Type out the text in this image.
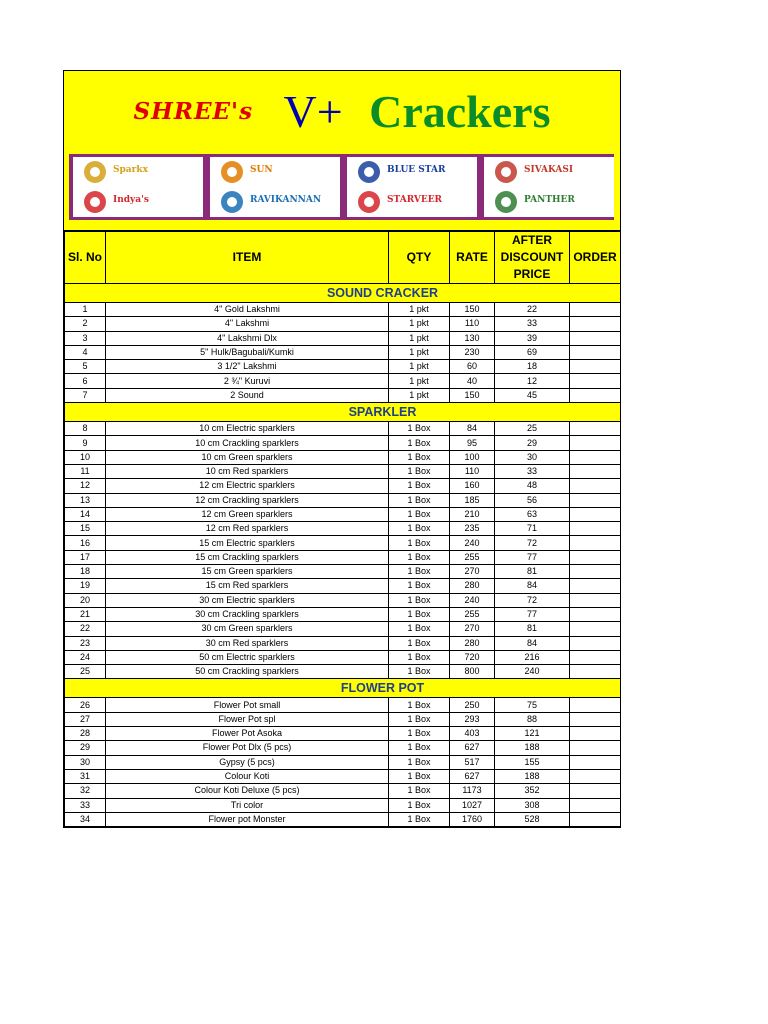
SHREE's V+ Crackers
Sparkx	SUN	BLUE STAR	SIVAKASI
Indya's	RAVIKANNAN	STARVEER	PANTHER
Sl. No	ITEM	QTY	RATE	AFTER DISCOUNT PRICE	ORDER
SOUND CRACKER					
1	4" Gold Lakshmi	1 pkt	150	22	
2	4" Lakshmi	1 pkt	110	33	
3	4" Lakshmi Dlx	1 pkt	130	39	
4	5" Hulk/Bagubali/Kumki	1 pkt	230	69	
5	3 1/2" Lakshmi	1 pkt	60	18	
6	2 ¾" Kuruvi	1 pkt	40	12	
7	2 Sound	1 pkt	150	45	
SPARKLER					
8	10 cm Electric sparklers	1 Box	84	25	
9	10 cm Crackling sparklers	1 Box	95	29	
10	10 cm Green sparklers	1 Box	100	30	
11	10 cm Red sparklers	1 Box	110	33	
12	12 cm Electric sparklers	1 Box	160	48	
13	12 cm Crackling sparklers	1 Box	185	56	
14	12 cm Green sparklers	1 Box	210	63	
15	12 cm Red sparklers	1 Box	235	71	
16	15 cm Electric sparklers	1 Box	240	72	
17	15 cm Crackling sparklers	1 Box	255	77	
18	15 cm Green sparklers	1 Box	270	81	
19	15 cm Red sparklers	1 Box	280	84	
20	30 cm Electric sparklers	1 Box	240	72	
21	30 cm Crackling sparklers	1 Box	255	77	
22	30 cm Green sparklers	1 Box	270	81	
23	30 cm Red sparklers	1 Box	280	84	
24	50 cm Electric sparklers	1 Box	720	216	
25	50 cm Crackling sparklers	1 Box	800	240	
FLOWER POT					
26	Flower Pot small	1 Box	250	75	
27	Flower Pot spl	1 Box	293	88	
28	Flower Pot Asoka	1 Box	403	121	
29	Flower Pot Dlx (5 pcs)	1 Box	627	188	
30	Gypsy (5 pcs)	1 Box	517	155	
31	Colour Koti	1 Box	627	188	
32	Colour Koti Deluxe (5 pcs)	1 Box	1173	352	
33	Tri color	1 Box	1027	308	
34	Flower pot Monster	1 Box	1760	528	
